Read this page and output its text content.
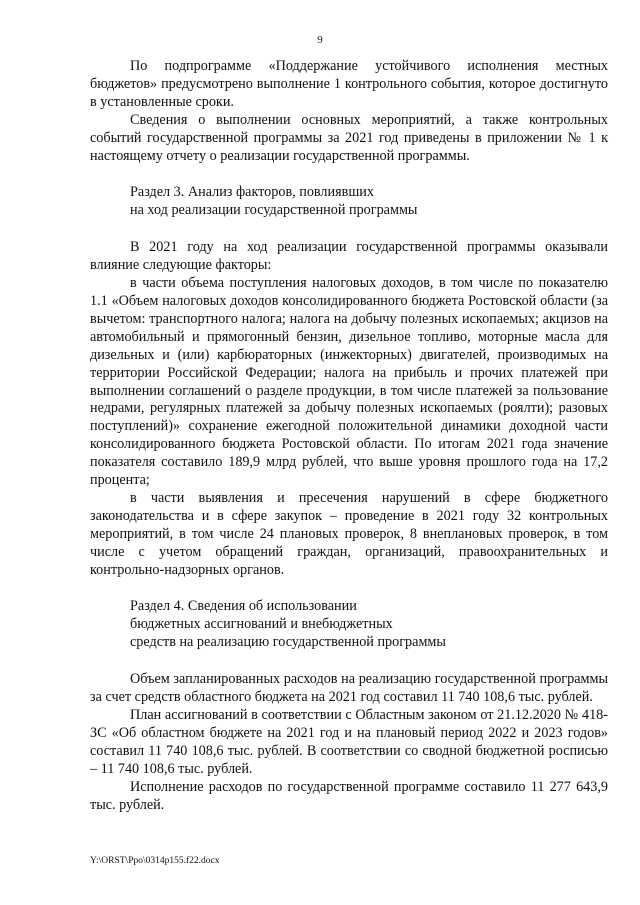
9

По подпрограмме «Поддержание устойчивого исполнения местных бюджетов» предусмотрено выполнение 1 контрольного события, которое достигнуто в установленные сроки.

Сведения о выполнении основных мероприятий, а также контрольных событий государственной программы за 2021 год приведены в приложении № 1 к настоящему отчету о реализации государственной программы.

Раздел 3. Анализ факторов, повлиявших

на ход реализации государственной программы

В 2021 году на ход реализации государственной программы оказывали влияние следующие факторы:

в части объема поступления налоговых доходов, в том числе по показателю 1.1 «Объем налоговых доходов консолидированного бюджета Ростовской области (за вычетом: транспортного налога; налога на добычу полезных ископаемых; акцизов на автомобильный и прямогонный бензин, дизельное топливо, моторные масла для дизельных и (или) карбюраторных (инжекторных) двигателей, производимых на территории Российской Федерации; налога на прибыль и прочих платежей при выполнении соглашений о разделе продукции, в том числе платежей за пользование недрами, регулярных платежей за добычу полезных ископаемых (роялти); разовых поступлений)» сохранение ежегодной положительной динамики доходной части консолидированного бюджета Ростовской области. По итогам 2021 года значение показателя составило 189,9 млрд рублей, что выше уровня прошлого года на 17,2 процента;

в части выявления и пресечения нарушений в сфере бюджетного законодательства и в сфере закупок – проведение в 2021 году 32 контрольных мероприятий, в том числе 24 плановых проверок, 8 внеплановых проверок, в том числе с учетом обращений граждан, организаций, правоохранительных и контрольно-надзорных органов.

Раздел 4. Сведения об использовании

бюджетных ассигнований и внебюджетных

средств на реализацию государственной программы

Объем запланированных расходов на реализацию государственной программы за счет средств областного бюджета на 2021 год составил 11 740 108,6 тыс. рублей.

План ассигнований в соответствии с Областным законом от 21.12.2020 № 418-ЗС «Об областном бюджете на 2021 год и на плановый период 2022 и 2023 годов» составил 11 740 108,6 тыс. рублей. В соответствии со сводной бюджетной росписью – 11 740 108,6 тыс. рублей.

Исполнение расходов по государственной программе составило 11 277 643,9 тыс. рублей.

Y:\ORST\Ppo\0314p155.f22.docx
